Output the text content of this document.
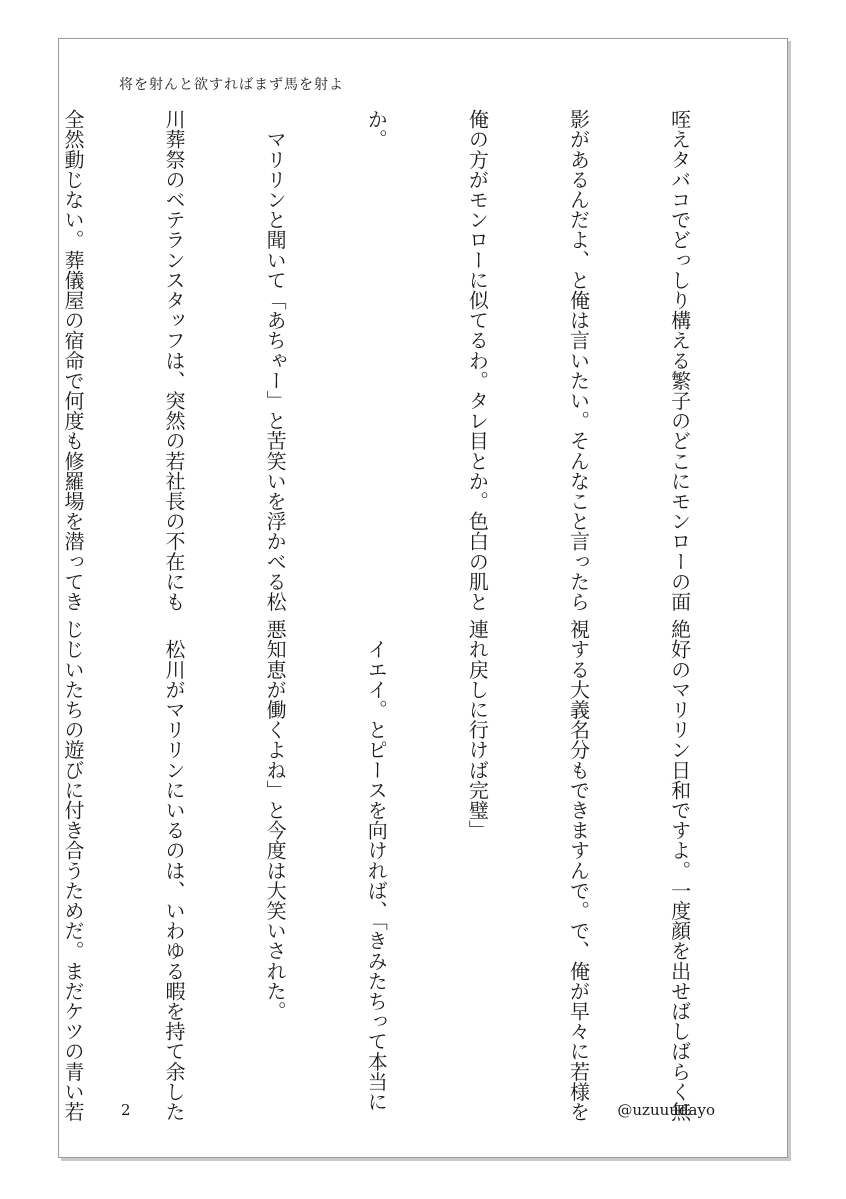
将を射んと欲すればまず馬を射よ

咥えタバコでどっしり構える繁子のどこにモンローの面

影があるんだよ、と俺は言いたい。そんなこと言ったら

俺の方がモンローに似てるわ。タレ目とか。色白の肌と

か。

　マリリンと聞いて「あちゃー」と苦笑いを浮かべる松

川葬祭のベテランスタッフは、突然の若社長の不在にも

全然動じない。葬儀屋の宿命で何度も修羅場を潜ってき

絶好のマリリン日和ですよ。一度顔を出せばしばらく無

視する大義名分もできますんで。で、俺が早々に若様を

連れ戻しに行けば完璧」

　イエイ。とピースを向ければ、「きみたちって本当に

悪知恵が働くよね」と今度は大笑いされた。

　松川がマリリンにいるのは、いわゆる暇を持て余した

じじいたちの遊びに付き合うためだ。まだケツの青い若

2	@uzuuudayo
